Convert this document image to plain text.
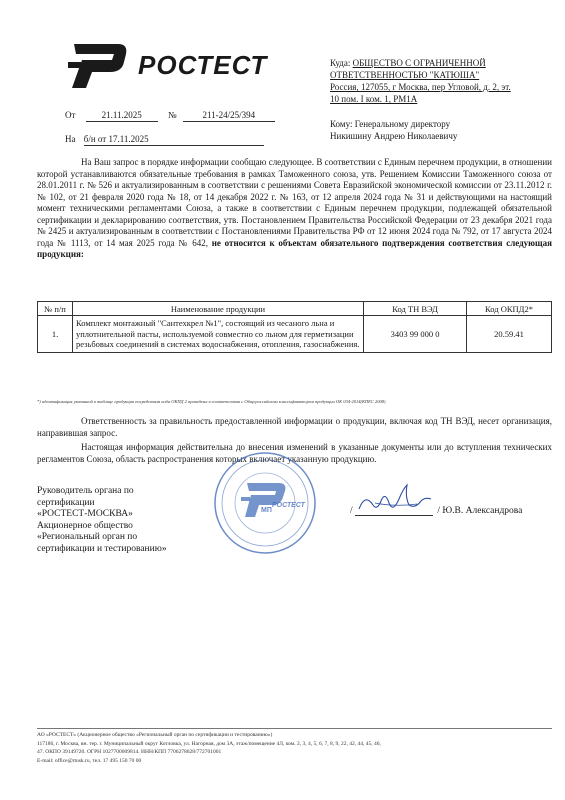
РОСТЕСТ	Куда: ОБЩЕСТВО С ОГРАНИЧЕННОЙ ОТВЕТСТВЕННОСТЬЮ "КАТЮША"
Россия, 127055, г Москва, пер Угловой, д. 2, эт.
10 пом. I ком. 1, РМ1А
От	21.11.2025	№	211-24/25/394
На б/н от 17.11.2025
Кому: Генеральному директору
Никишину Андрею Николаевичу

На Ваш запрос в порядке информации сообщаю следующее. В соответствии с Единым перечнем продукции, в отношении которой устанавливаются обязательные требования в рамках Таможенного союза, утв. Решением Комиссии Таможенного союза от 28.01.2011 г. № 526 и актуализированным в соответствии с решениями Совета Евразийской экономической комиссии от 23.11.2012 г. № 102, от 21 февраля 2020 года № 18, от 14 декабря 2022 г. № 163, от 12 апреля 2024 года № 31 и действующими на настоящий момент техническими регламентами Союза, а также в соответствии с Единым перечнем продукции, подлежащей обязательной сертификации и декларированию соответствия, утв. Постановлением Правительства Российской Федерации от 23 декабря 2021 года № 2425 и актуализированным в соответствии с Постановлениями Правительства РФ от 12 июня 2024 года № 792, от 17 августа 2024 года № 1113, от 14 мая 2025 года № 642, не относится к объектам обязательного подтверждения соответствия следующая продукция:

№ п/п	Наименование продукции	Код ТН ВЭД	Код ОКПД2*
1.	Комплект монтажный "Сантехкрел №1", состоящий из чесаного льна и уплотнительной пасты, используемой совместно со льном для герметизации резьбовых соединений в системах водоснабжения, отопления, газоснабжения.	3403 99 000 0	20.59.41
*) идентификация указанной в таблице продукции посредством кода ОКПД 2 приведена в соответствии с Общероссийским классификатором продукции ОК 034-2014(КПЕС 2008)

Ответственность за правильность предоставленной информации о продукции, включая код ТН ВЭД, несет организация, направившая запрос.

Настоящая информация действительна до внесения изменений в указанные документы или до вступления технических регламентов Союза, область распространения которых включает указанную продукцию.

РОСТЕСТ
МП
Руководитель органа по
сертификации
«РОСТЕСТ-МОСКВА»
Акционерное общество
«Региональный орган по
сертификации и тестированию»
/	/ Ю.В. Александрова
АО «РОСТЕСТ» (Акционерное общество «Региональный орган по сертификации и тестированию»)
117186, г. Москва, вн. тер. г. Муниципальный округ Котловка, ул. Нагорная, дом 3А, этаж/помещение 4Л, ком. 2, 3, 4, 5, 6, 7, 8, 9, 22, 42, 44, 45, 46,
47. ОКПО 39149720. ОГРН 1027700009814. ИНН/КПП 7706278628/772701001
E-mail: office@rtusk.ru, тел. 17 495 150 70 00
